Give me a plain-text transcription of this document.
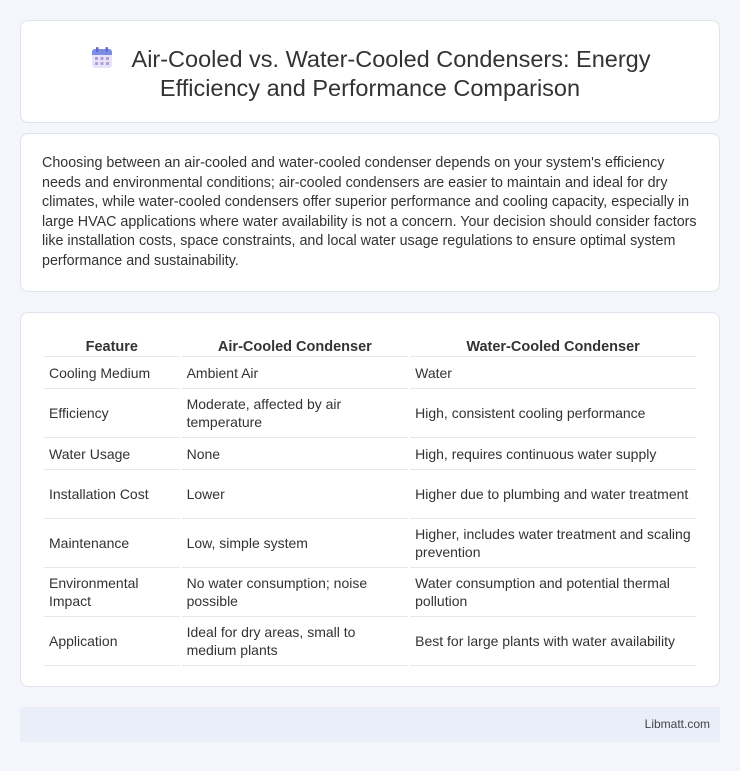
Air-Cooled vs. Water-Cooled Condensers: Energy Efficiency and Performance Comparison

Choosing between an air-cooled and water-cooled condenser depends on your system's efficiency needs and environmental conditions; air-cooled condensers are easier to maintain and ideal for dry climates, while water-cooled condensers offer superior performance and cooling capacity, especially in large HVAC applications where water availability is not a concern. Your decision should consider factors like installation costs, space constraints, and local water usage regulations to ensure optimal system performance and sustainability.

Feature	Air-Cooled Condenser	Water-Cooled Condenser
Cooling Medium	Ambient Air	Water
Efficiency	Moderate, affected by air temperature	High, consistent cooling performance
Water Usage	None	High, requires continuous water supply
Installation Cost	Lower	Higher due to plumbing and water treatment
Maintenance	Low, simple system	Higher, includes water treatment and scaling prevention
Environmental Impact	No water consumption; noise possible	Water consumption and potential thermal pollution
Application	Ideal for dry areas, small to medium plants	Best for large plants with water availability
Libmatt.com
